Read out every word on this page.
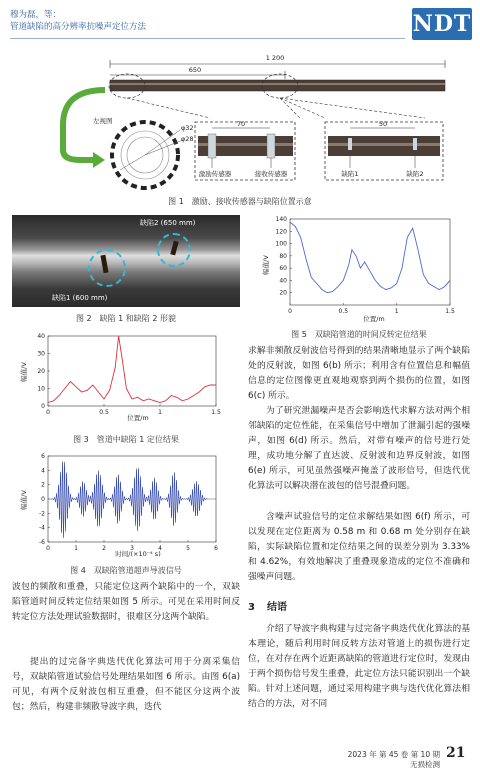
穆为磊，等：
管道缺陷的高分辨率抗噪声定位方法	NDT
1 200
650
左视图
φ32
φ28
70
激励传感器	接收传感器
50
缺陷1	缺陷2
图 1　激励、接收传感器与缺陷位置示意
缺陷2 (650 mm)
缺陷1 (600 mm)
图 2　缺陷 1 和缺陷 2 形貌
0	0.5	1	1.5
0
10
20
30
40
位置/m
幅值/V
图 3　管道中缺陷 1 定位结果
0	1	2	3	4	5	6
-6
-4
-2
0
2
4
6
时间/(×10⁻⁴ s)
幅值/V
图 4　双缺陷管道超声导波信号
0	0.5	1	1.5
20
40
60
80
100
120
140
位置/m
幅值/V
图 5　双缺陷管道的时间反转定位结果
波包的频散和重叠，只能定位这两个缺陷中的一个，双缺陷管道时间反转定位结果如图 5 所示。可见在采用时间反转定位方法处理试验数据时，很难区分这两个缺陷。
提出的过完备字典迭代优化算法可用于分离采集信号，双缺陷管道试验信号处理结果如图 6 所示。由图 6(a) 可见，有两个反射波包相互重叠，但不能区分这两个波包；然后，构建非频散导波字典，迭代
求解非频散反射波信号得到的结果清晰地显示了两个缺陷处的反射波，如图 6(b) 所示；利用含有位置信息和幅值信息的定位图像更直观地观察到两个损伤的位置，如图 6(c) 所示。
为了研究泄漏噪声是否会影响迭代求解方法对两个相邻缺陷的定位性能，在采集信号中增加了泄漏引起的强噪声，如图 6(d) 所示。然后，对带有噪声的信号进行处理，成功地分解了直达波、反射波和边界反射波，如图 6(e) 所示，可见虽然强噪声掩盖了波形信号，但迭代优化算法可以解决潜在波包的信号混叠问题。
含噪声试验信号的定位求解结果如图 6(f) 所示，可以发现在定位距离为 0.58 m 和 0.68 m 处分别存在缺陷，实际缺陷位置和定位结果之间的误差分别为 3.33% 和 4.62%，有效地解决了重叠现象造成的定位不准确和强噪声问题。
3 结语
介绍了导波字典构建与过完备字典迭代优化算法的基本理论，随后利用时间反转方法对管道上的损伤进行定位，在对存在两个近距离缺陷的管道进行定位时，发现由于两个损伤信号发生重叠，此定位方法只能识别出一个缺陷。针对上述问题，通过采用构建字典与迭代优化算法相结合的方法，对不同
2023 年 第 45 卷 第 10 期
无损检测
21
